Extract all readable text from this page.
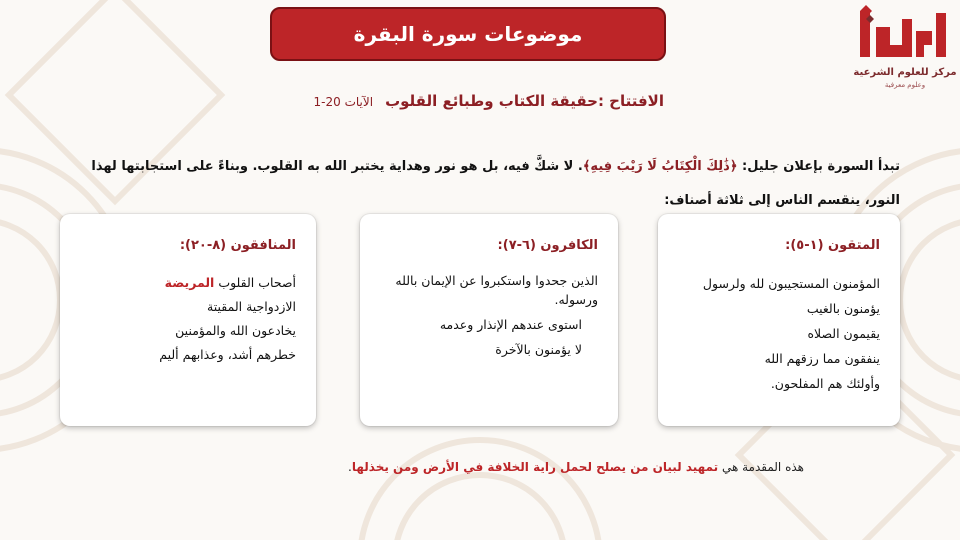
موضوعات سورة البقرة
مركز للعلوم الشرعية
وعلوم معرفية
الافتتاح :حقيقة الكتاب وطبائع القلوب
الآيات 20-1
تبدأ السورة بإعلان جليل: ﴿ذَٰلِكَ الْكِتَابُ لَا رَيْبَ فِيهِ﴾. لا شكَّ فيه، بل هو نور وهداية يختبر الله به القلوب. وبناءً على استجابتها لهذا النور، ينقسم الناس إلى ثلاثة أصناف:
المتقون (١-٥):
المؤمنون المستجيبون لله ولرسول
يؤمنون بالغيب
يقيمون الصلاه
ينفقون مما رزقهم الله
وأولئك هم المفلحون.
الكافرون (٦-٧):
الذين جحدوا واستكبروا عن الإيمان بالله ورسوله.
استوى عندهم الإنذار وعدمه
لا يؤمنون بالآخرة
المنافقون (٨-٢٠):
أصحاب القلوب المريضة
الازدواجية المقيتة
يخادعون الله والمؤمنين
خطرهم أشد، وعذابهم أليم
هذه المقدمة هي تمهيد لبيان من يصلح لحمل راية الخلافة في الأرض ومن يخذلها.
